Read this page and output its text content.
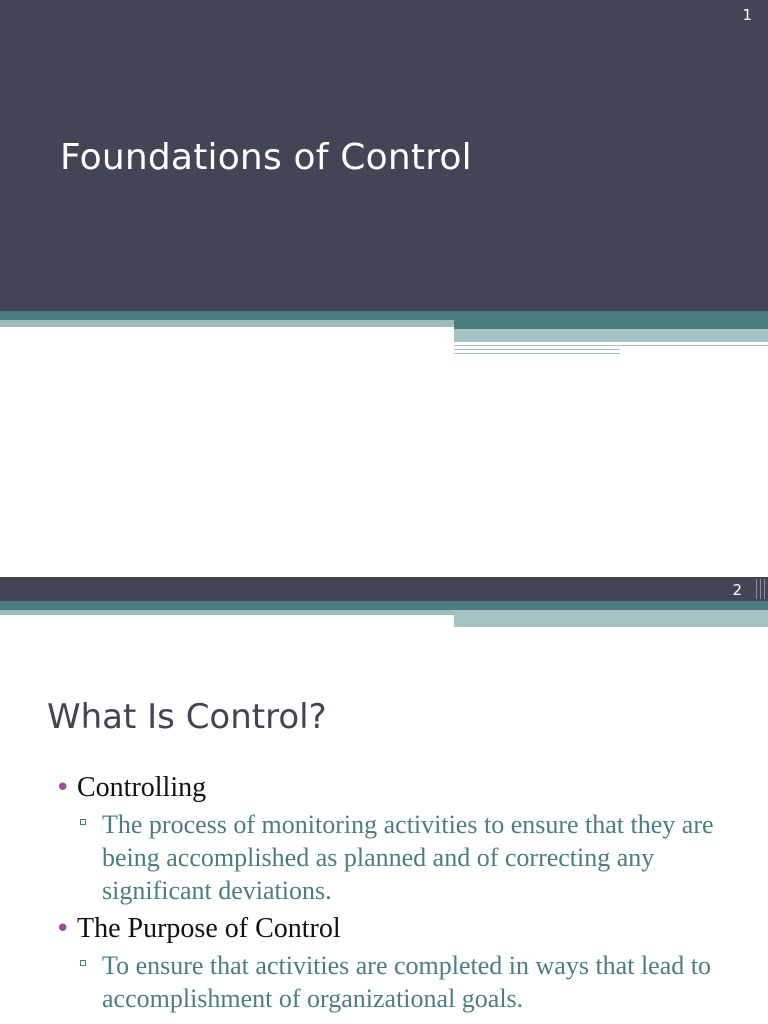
1
Foundations of Control
2
What Is Control?
• Controlling
The process of monitoring activities to ensure that they are being accomplished as planned and of correcting any significant deviations.
• The Purpose of Control
To ensure that activities are completed in ways that lead to accomplishment of organizational goals.
